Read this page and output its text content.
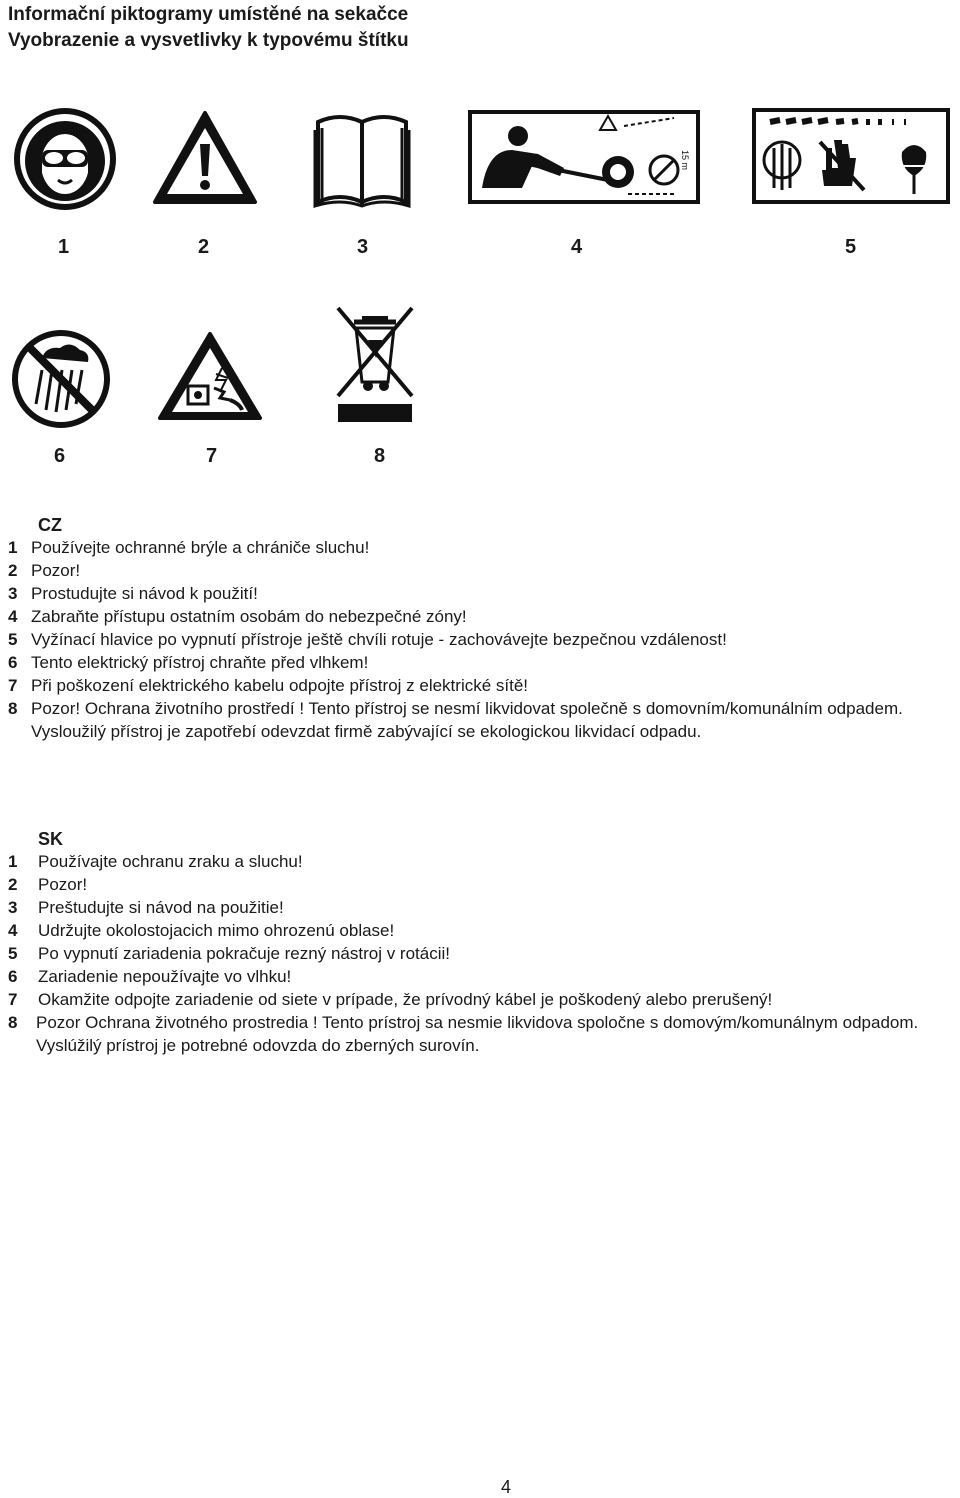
Informační piktogramy umístěné na sekačce
Vyobrazenie a vysvetlivky k typovému štítku
15 m
1	2	3	4	5
6	7	8
CZ
1 Používejte ochranné brýle a chrániče sluchu!
2 Pozor!
3 Prostudujte si návod k použití!
4 Zabraňte přístupu ostatním osobám do nebezpečné zóny!
5 Vyžínací hlavice po vypnutí přístroje ještě chvíli rotuje - zachovávejte bezpečnou vzdálenost!
6 Tento elektrický přístroj chraňte před vlhkem!
7 Při poškození elektrického kabelu odpojte přístroj z elektrické sítě!
8 Pozor! Ochrana životního prostředí ! Tento přístroj se nesmí likvidovat společně s domovním/komunálním odpadem. Vysloužilý přístroj je zapotřebí odevzdat firmě zabývající se ekologickou likvidací odpadu.
SK
1	Používajte ochranu zraku a sluchu!
2	Pozor!
3	Preštudujte si návod na použitie!
4	Udržujte okolostojacich mimo ohrozenú oblase!
5	Po vypnutí zariadenia pokračuje rezný nástroj v rotácii!
6	Zariadenie nepoužívajte vo vlhku!
7	Okamžite odpojte zariadenie od siete v prípade, že prívodný kábel je poškodený alebo prerušený!
8	Pozor Ochrana životného prostredia ! Tento prístroj sa nesmie likvidova spoločne s domovým/komunálnym odpadom. Vyslúžilý prístroj je potrebné odovzda do zberných surovín.
4
